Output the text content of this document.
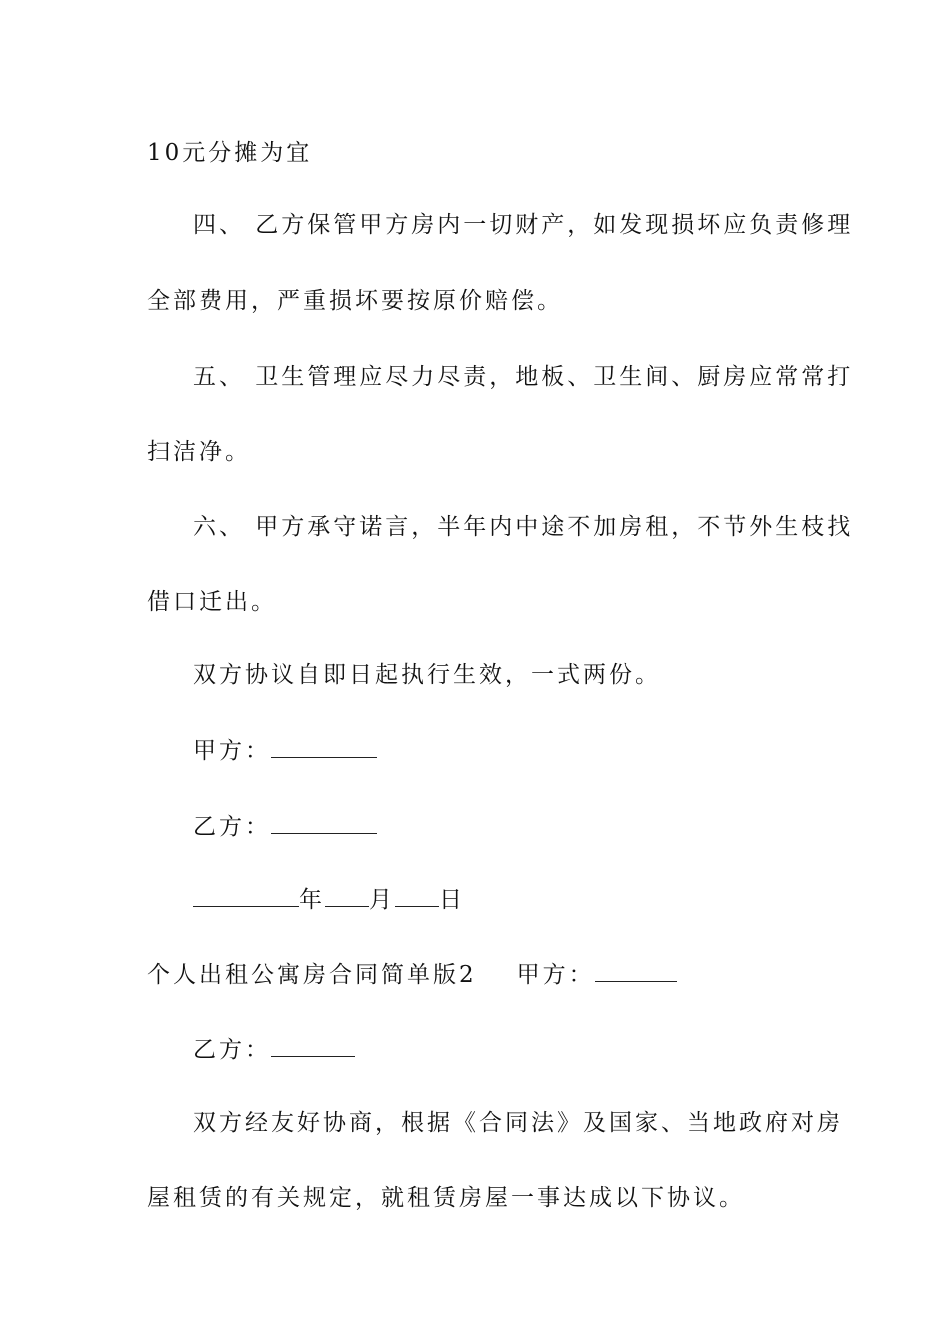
10元分摊为宜
四、 乙方保管甲方房内一切财产，如发现损坏应负责修理
全部费用，严重损坏要按原价赔偿。
五、 卫生管理应尽力尽责，地板、卫生间、厨房应常常打
扫洁净。
六、 甲方承守诺言，半年内中途不加房租，不节外生枝找
借口迁出。
双方协议自即日起执行生效，一式两份。
甲方：
乙方：
年 月 日
个人出租公寓房合同简单版2 甲方：
乙方：
双方经友好协商，根据《合同法》及国家、当地政府对房
屋租赁的有关规定，就租赁房屋一事达成以下协议。
